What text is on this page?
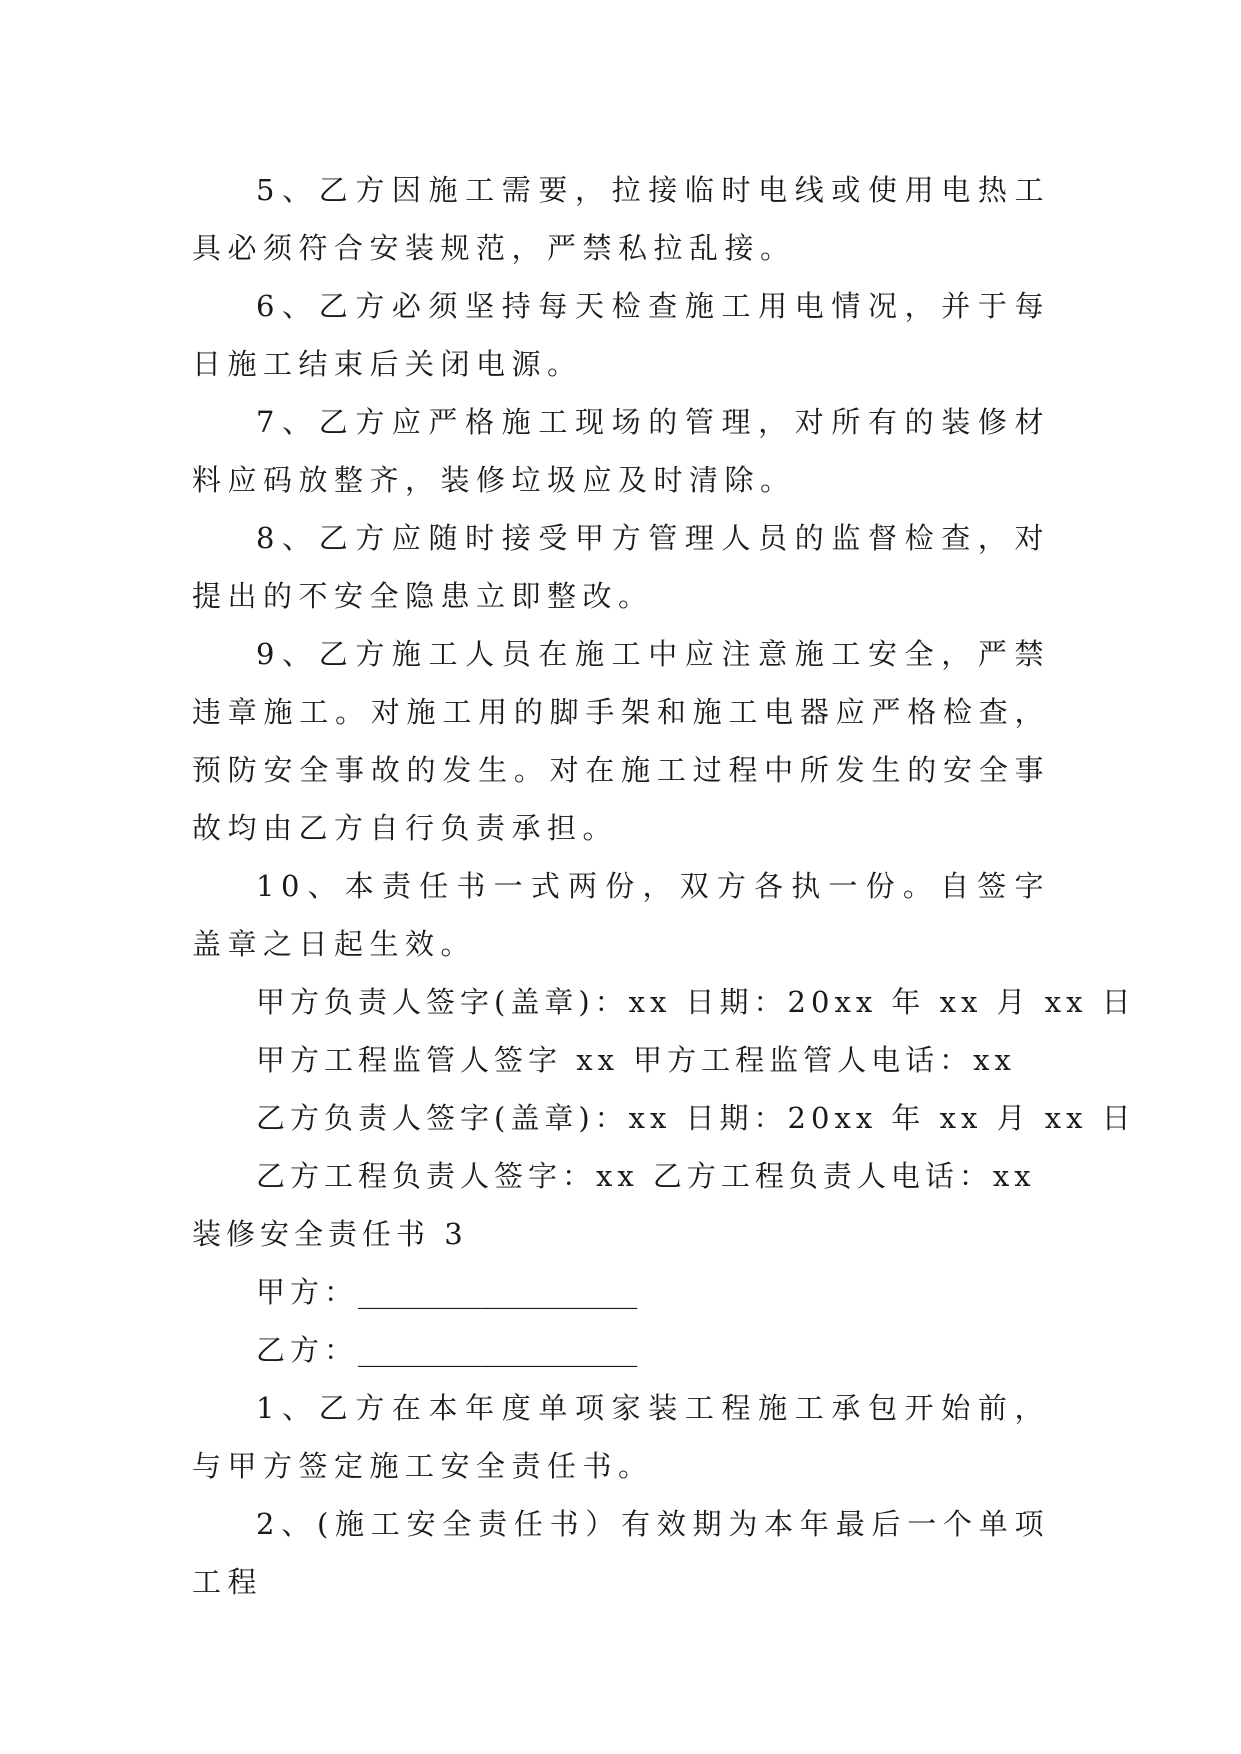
5、乙方因施工需要，拉接临时电线或使用电热工具必须符合安装规范，严禁私拉乱接。

6、乙方必须坚持每天检查施工用电情况，并于每日施工结束后关闭电源。

7、乙方应严格施工现场的管理，对所有的装修材料应码放整齐，装修垃圾应及时清除。

8、乙方应随时接受甲方管理人员的监督检查，对提出的不安全隐患立即整改。

9、乙方施工人员在施工中应注意施工安全，严禁违章施工。对施工用的脚手架和施工电器应严格检查，预防安全事故的发生。对在施工过程中所发生的安全事故均由乙方自行负责承担。

10、本责任书一式两份，双方各执一份。自签字盖章之日起生效。

甲方负责人签字(盖章)：xx 日期：20xx 年 xx 月 xx 日

甲方工程监管人签字 xx 甲方工程监管人电话：xx

乙方负责人签字(盖章)：xx 日期：20xx 年 xx 月 xx 日

乙方工程负责人签字：xx 乙方工程负责人电话：xx

装修安全责任书 3

甲方：________________

乙方：________________

1、乙方在本年度单项家装工程施工承包开始前，与甲方签定施工安全责任书。

2、(施工安全责任书）有效期为本年最后一个单项工程
